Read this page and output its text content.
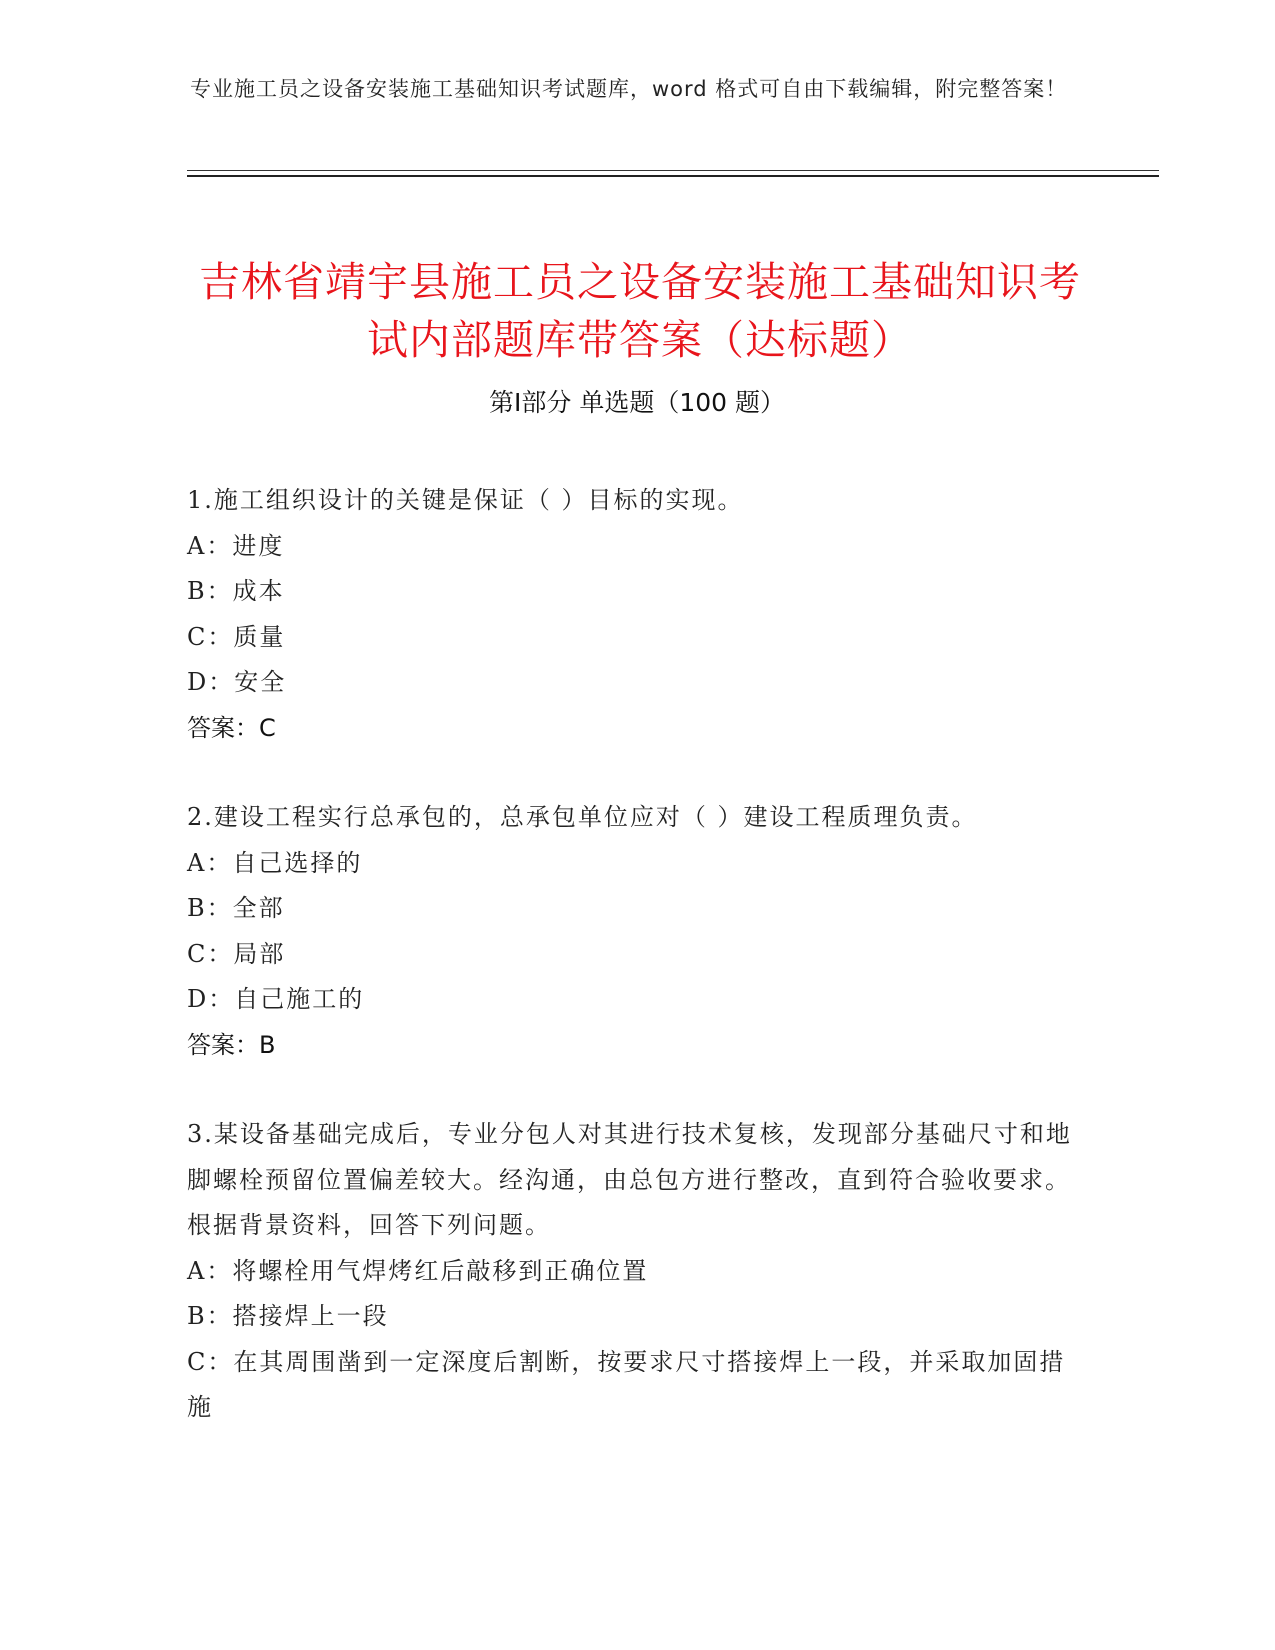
专业施工员之设备安装施工基础知识考试题库，word 格式可自由下载编辑，附完整答案！
吉林省靖宇县施工员之设备安装施工基础知识考试内部题库带答案（达标题）
第Ⅰ部分 单选题（100 题）
1.施工组织设计的关键是保证（ ）目标的实现。
A：进度
B：成本
C：质量
D：安全
答案：C
2.建设工程实行总承包的，总承包单位应对（ ）建设工程质理负责。
A：自己选择的
B：全部
C：局部
D：自己施工的
答案：B
3.某设备基础完成后，专业分包人对其进行技术复核，发现部分基础尺寸和地脚螺栓预留位置偏差较大。经沟通，由总包方进行整改，直到符合验收要求。根据背景资料，回答下列问题。
A：将螺栓用气焊烤红后敲移到正确位置
B：搭接焊上一段
C：在其周围凿到一定深度后割断，按要求尺寸搭接焊上一段，并采取加固措施
